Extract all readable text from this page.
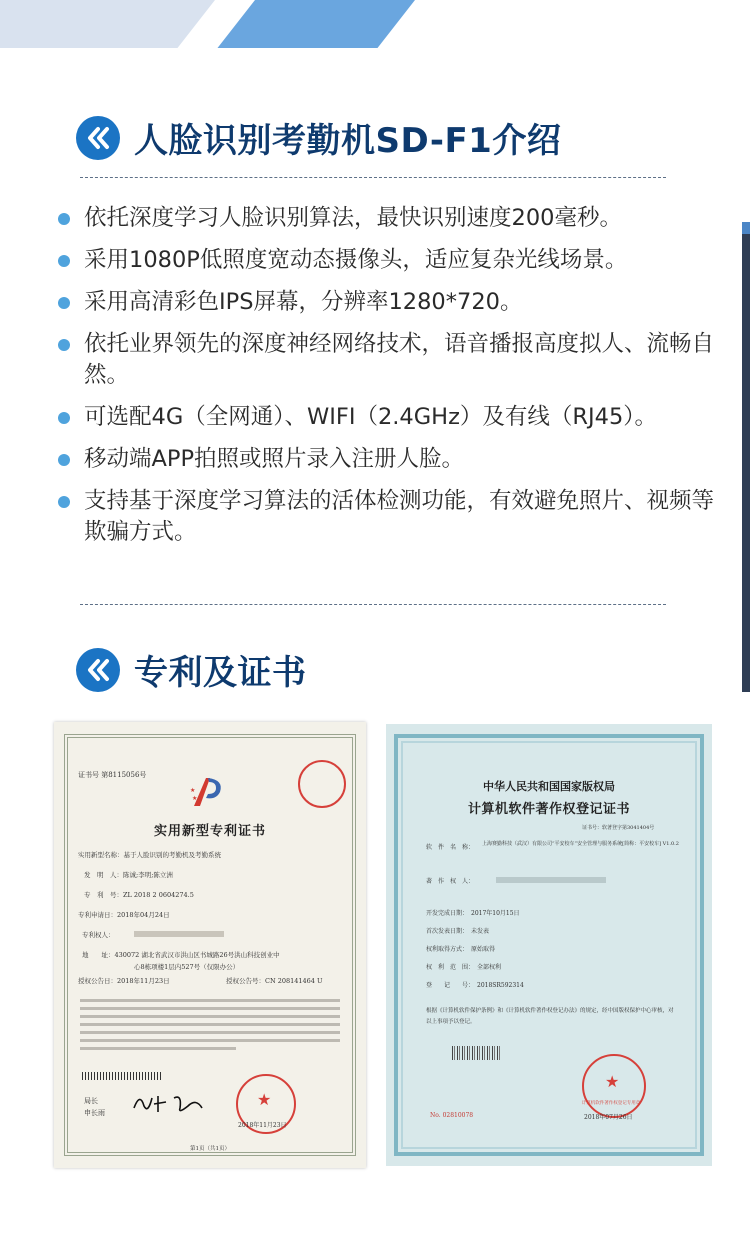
人脸识别考勤机SD-F1介绍
依托深度学习人脸识别算法，最快识别速度200毫秒。
采用1080P低照度宽动态摄像头，适应复杂光线场景。
采用高清彩色IPS屏幕，分辨率1280*720。
依托业界领先的深度神经网络技术，语音播报高度拟人、流畅自然。
可选配4G（全网通）、WIFI（2.4GHz）及有线（RJ45）。
移动端APP拍照或照片录入注册人脸。
支持基于深度学习算法的活体检测功能，有效避免照片、视频等欺骗方式。
专利及证书
证书号 第8115056号
★
★
实用新型专利证书
实用新型名称：基于人脸识别的考勤机及考勤系统
发　明　人：陈诚;李明;陈立洲
专　利　号：ZL 2018 2 0604274.5
专利申请日：2018年04月24日
专利权人：
地　　址：430072 湖北省武汉市洪山区书城路26号洪山科技创业中
心8栋项楼1层内527号（仅限办公）
授权公告日：2018年11月23日	授权公告号：CN 208141464 U
局长
申长雨
★
2018年11月23日
第1页（共1页）
中华人民共和国国家版权局
计算机软件著作权登记证书
证书号：软著登字第3041404号
软　件　名　称： 上海赛勤科技（武汉）有限公司“平安校车”安全管理与服务系统[简称：平安校车] V1.0.2
著　作　权　人：
开发完成日期：　2017年10月15日
首次发表日期：　未发表
权利取得方式：　原始取得
权　利　范　围：　全部权利
登　　记　　号：　2018SR592314
根据《计算机软件保护条例》和《计算机软件著作权登记办法》的规定，经中国版权保护中心审核，对以上事项予以登记。
★
计算机软件著作权登记专用章
No. 02810078	2018年07月26日
